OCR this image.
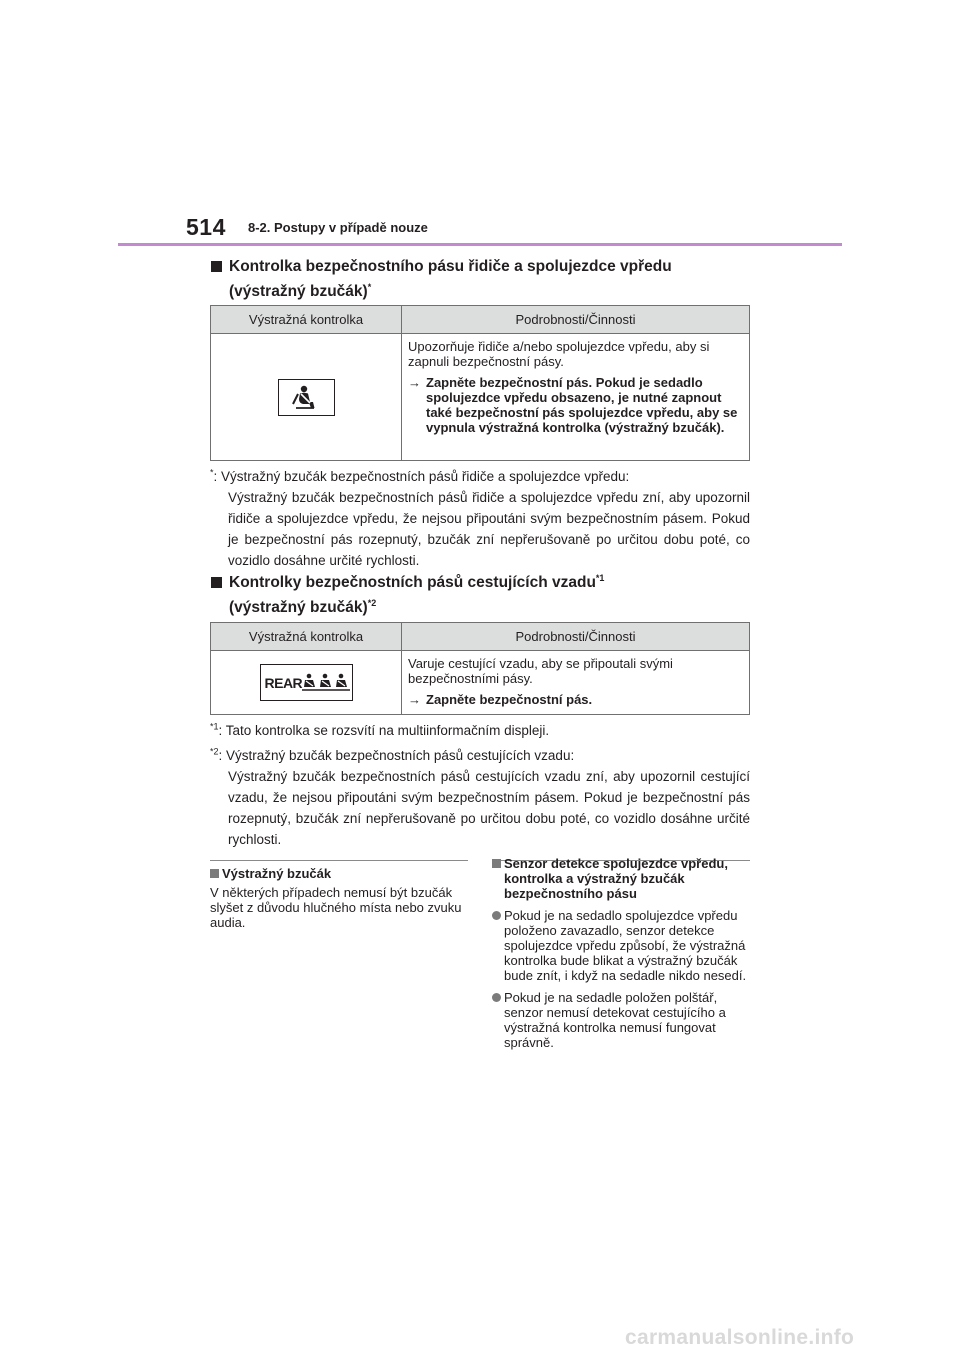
514 8-2. Postupy v případě nouze
Kontrolka bezpečnostního pásu řidiče a spolujezdce vpředu
(výstražný bzučák)*
Výstražná kontrolka	Podrobnosti/Činnosti

Upozorňuje řidiče a/nebo spolujezdce vpředu, aby si zapnuli bezpečnostní pásy.
→ Zapněte bezpečnostní pás. Pokud je sedadlo spolujezdce vpředu obsazeno, je nutné zapnout také bezpečnostní pás spolujezdce vpředu, aby se vypnula výstražná kontrolka (výstražný bzučák).
*: Výstražný bzučák bezpečnostních pásů řidiče a spolujezdce vpředu:
Výstražný bzučák bezpečnostních pásů řidiče a spolujezdce vpředu zní, aby upozornil řidiče a spolujezdce vpředu, že nejsou připoutáni svým bezpečnostním pásem. Pokud je bezpečnostní pás rozepnutý, bzučák zní nepřerušovaně po určitou dobu poté, co vozidlo dosáhne určité rychlosti.
Kontrolky bezpečnostních pásů cestujících vzadu$^{*1}$
(výstražný bzučák)$^{*2}$
Výstražná kontrolka	Podrobnosti/Činnosti

REAR	Varuje cestující vzadu, aby se připoutali svými bezpečnostními pásy.
→ Zapněte bezpečnostní pás.
$^{*1}$: Tato kontrolka se rozsvítí na multiinformačním displeji.
$^{*2}$: Výstražný bzučák bezpečnostních pásů cestujících vzadu:
Výstražný bzučák bezpečnostních pásů cestujících vzadu zní, aby upozornil cestující vzadu, že nejsou připoutáni svým bezpečnostním pásem. Pokud je bezpečnostní pás rozepnutý, bzučák zní nepřerušovaně po určitou dobu poté, co vozidlo dosáhne určité rychlosti.
Výstražný bzučák
V některých případech nemusí být bzučák slyšet z důvodu hlučného místa nebo zvuku audia.
Senzor detekce spolujezdce vpředu, kontrolka a výstražný bzučák bezpečnostního pásu
Pokud je na sedadlo spolujezdce vpředu položeno zavazadlo, senzor detekce spolujezdce vpředu způsobí, že výstražná kontrolka bude blikat a výstražný bzučák bude znít, i když na sedadle nikdo nesedí.
Pokud je na sedadle položen polštář, senzor nemusí detekovat cestujícího a výstražná kontrolka nemusí fungovat správně.
carmanualsonline.info
